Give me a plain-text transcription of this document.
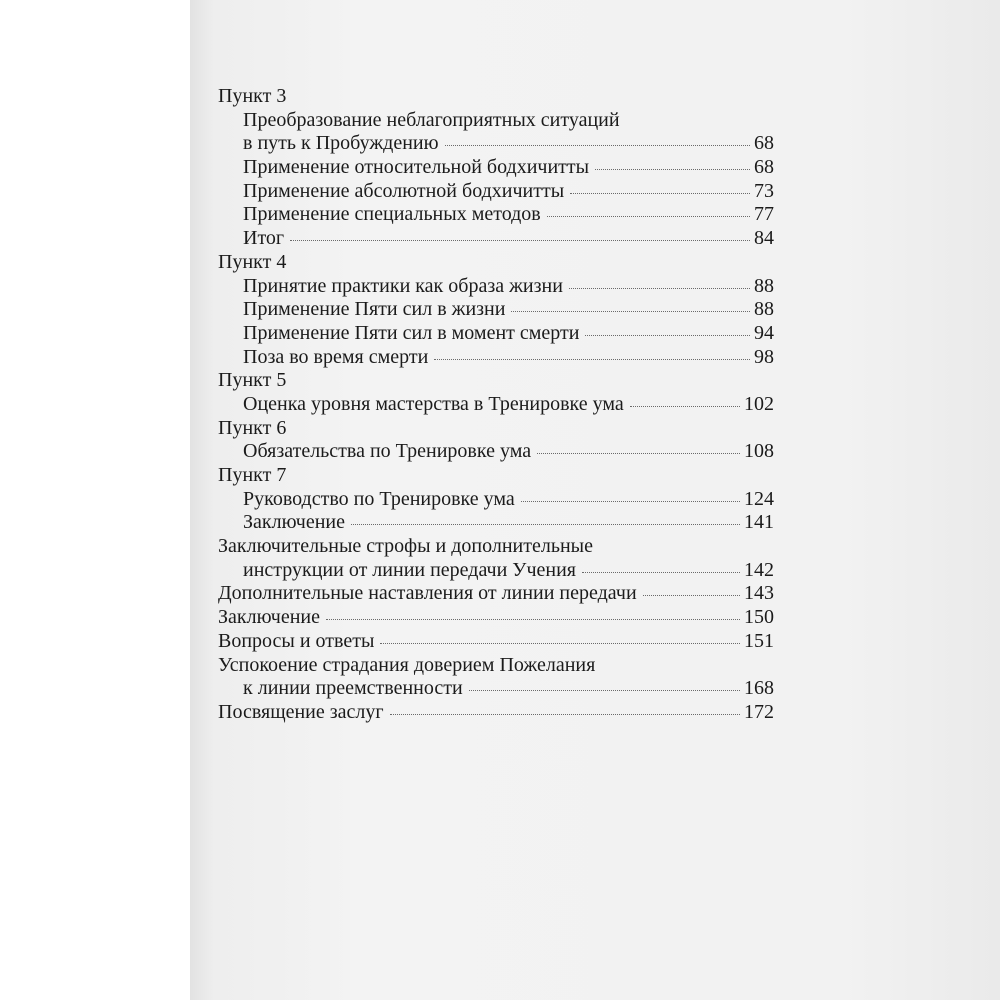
Пункт 3
Преобразование неблагоприятных ситуаций
в путь к Пробуждению	68
Применение относительной бодхичитты	68
Применение абсолютной бодхичитты	73
Применение специальных методов	77
Итог	84
Пункт 4
Принятие практики как образа жизни	88
Применение Пяти сил в жизни	88
Применение Пяти сил в момент смерти	94
Поза во время смерти	98
Пункт 5
Оценка уровня мастерства в Тренировке ума	102
Пункт 6
Обязательства по Тренировке ума	108
Пункт 7
Руководство по Тренировке ума	124
Заключение	141
Заключительные строфы и дополнительные
инструкции от линии передачи Учения	142
Дополнительные наставления от линии передачи	143
Заключение	150
Вопросы и ответы	151
Успокоение страдания доверием Пожелания
к линии преемственности	168
Посвящение заслуг	172
